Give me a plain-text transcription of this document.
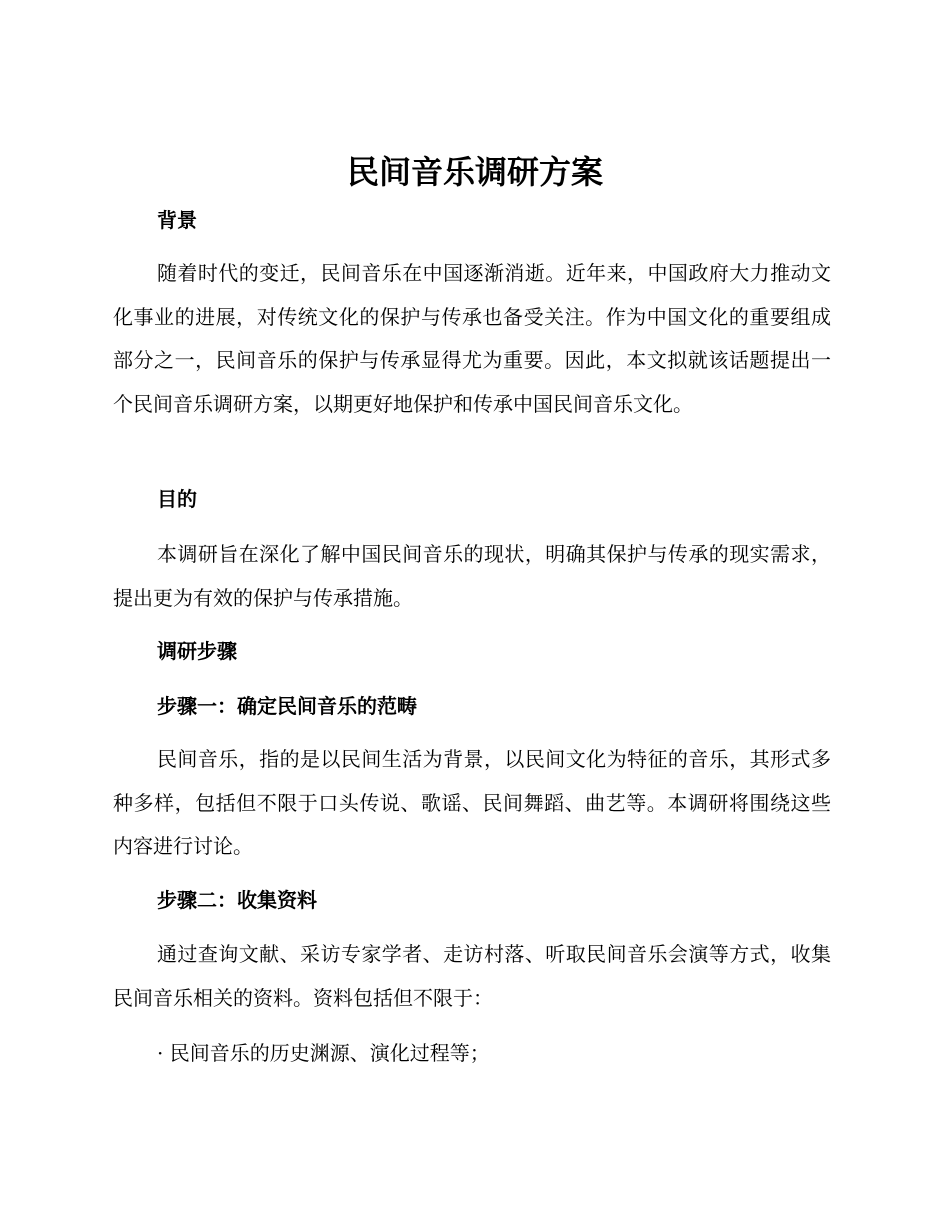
民间音乐调研方案
背景

随着时代的变迁，民间音乐在中国逐渐消逝。近年来，中国政府大力推动文化事业的进展，对传统文化的保护与传承也备受关注。作为中国文化的重要组成部分之一，民间音乐的保护与传承显得尤为重要。因此，本文拟就该话题提出一个民间音乐调研方案，以期更好地保护和传承中国民间音乐文化。

目的

本调研旨在深化了解中国民间音乐的现状，明确其保护与传承的现实需求，提出更为有效的保护与传承措施。

调研步骤
步骤一：确定民间音乐的范畴

民间音乐，指的是以民间生活为背景，以民间文化为特征的音乐，其形式多种多样，包括但不限于口头传说、歌谣、民间舞蹈、曲艺等。本调研将围绕这些内容进行讨论。

步骤二：收集资料

通过查询文献、采访专家学者、走访村落、听取民间音乐会演等方式，收集民间音乐相关的资料。资料包括但不限于：

· 民间音乐的历史渊源、演化过程等；
